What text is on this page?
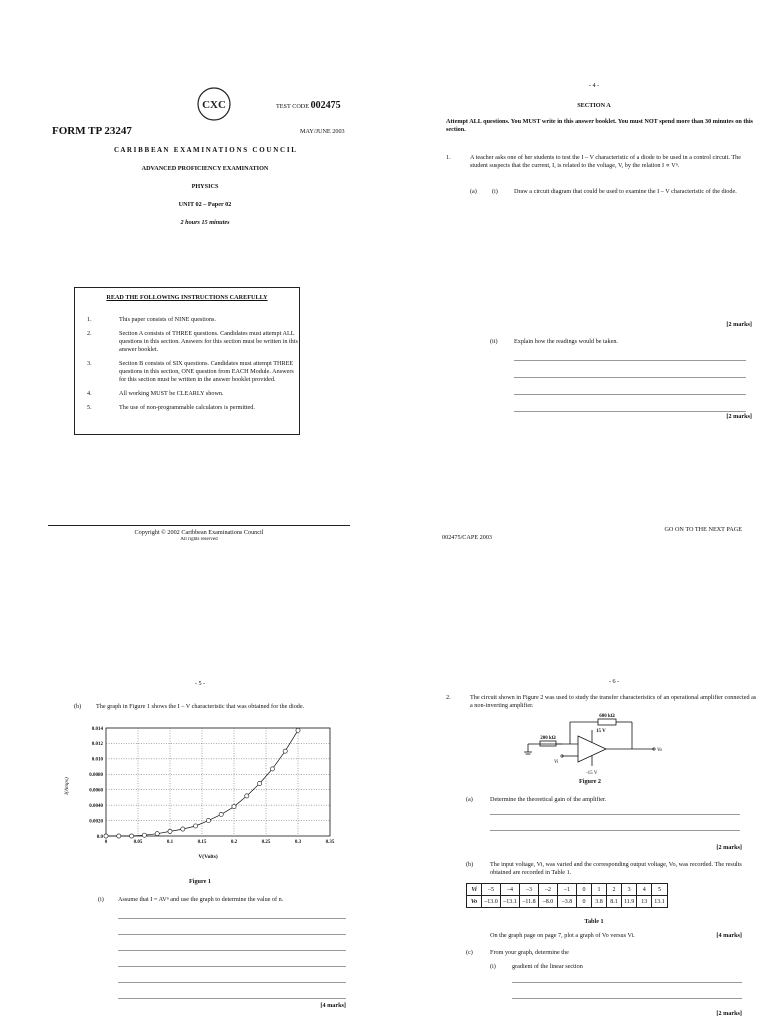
CXC	TEST CODE 002475
FORM TP 23247	MAY/JUNE 2003
C A R I B B E A N   E X A M I N A T I O N S   C O U N C I L
ADVANCED PROFICIENCY EXAMINATION
PHYSICS
UNIT 02 – Paper 02
2 hours 15 minutes
READ THE FOLLOWING INSTRUCTIONS CAREFULLY
1.	This paper consists of NINE questions.
2.	Section A consists of THREE questions. Candidates must attempt ALL questions in this section. Answers for this section must be written in this answer booklet.
3.	Section B consists of SIX questions. Candidates must attempt THREE questions in this section, ONE question from EACH Module. Answers for this section must be written in the answer booklet provided.
4.	All working MUST be CLEARLY shown.
5.	The use of non-programmable calculators is permitted.
Copyright © 2002 Caribbean Examinations Council
All rights reserved
- 4 -
SECTION A
Attempt ALL questions. You MUST write in this answer booklet. You must NOT spend more than 30 minutes on this section.
1.	A teacher asks one of her students to test the I – V characteristic of a diode to be used in a control circuit. The student suspects that the current, I, is related to the voltage, V, by the relation I ∝ Vⁿ.
(a) (i)	Draw a circuit diagram that could be used to examine the I – V characteristic of the diode.
[2 marks]
(ii)	Explain how the readings would be taken.
[2 marks]
002475/CAPE 2003
GO ON TO THE NEXT PAGE
- 5 -
(b) The graph in Figure 1 shows the I – V characteristic that was obtained for the diode.
0	0.05	0.1	0.15	0.2	0.25	0.3	0.35
0.0
0.0020
0.0040
0.0060
0.0080
0.010
0.012
0.014
I(Amps)
V(Volts)
Figure 1
(i) Assume that I = AVⁿ and use the graph to determine the value of n.
[4 marks]
- 6 -
2.	The circuit shown in Figure 2 was used to study the transfer characteristics of an operational amplifier connected as a non-inverting amplifier.
600 kΩ
200 kΩ
15 V
-15 V
Vo
Vi
Figure 2
(a)	Determine the theoretical gain of the amplifier.
[2 marks]
(b)	The input voltage, Vi, was varied and the corresponding output voltage, Vo, was recorded. The results obtained are recorded in Table 1.
Vi	–5	–4	–3	–2	–1	0	1	2	3	4	5
Vo	–13.0	–13.1	–11.8	–8.0	–3.8	0	3.8	8.1	11.9	13	13.1
Table 1
On the graph page on page 7, plot a graph of Vo versus Vi.	[4 marks]
(c)	From your graph, determine the
(i)	gradient of the linear section
[2 marks]
